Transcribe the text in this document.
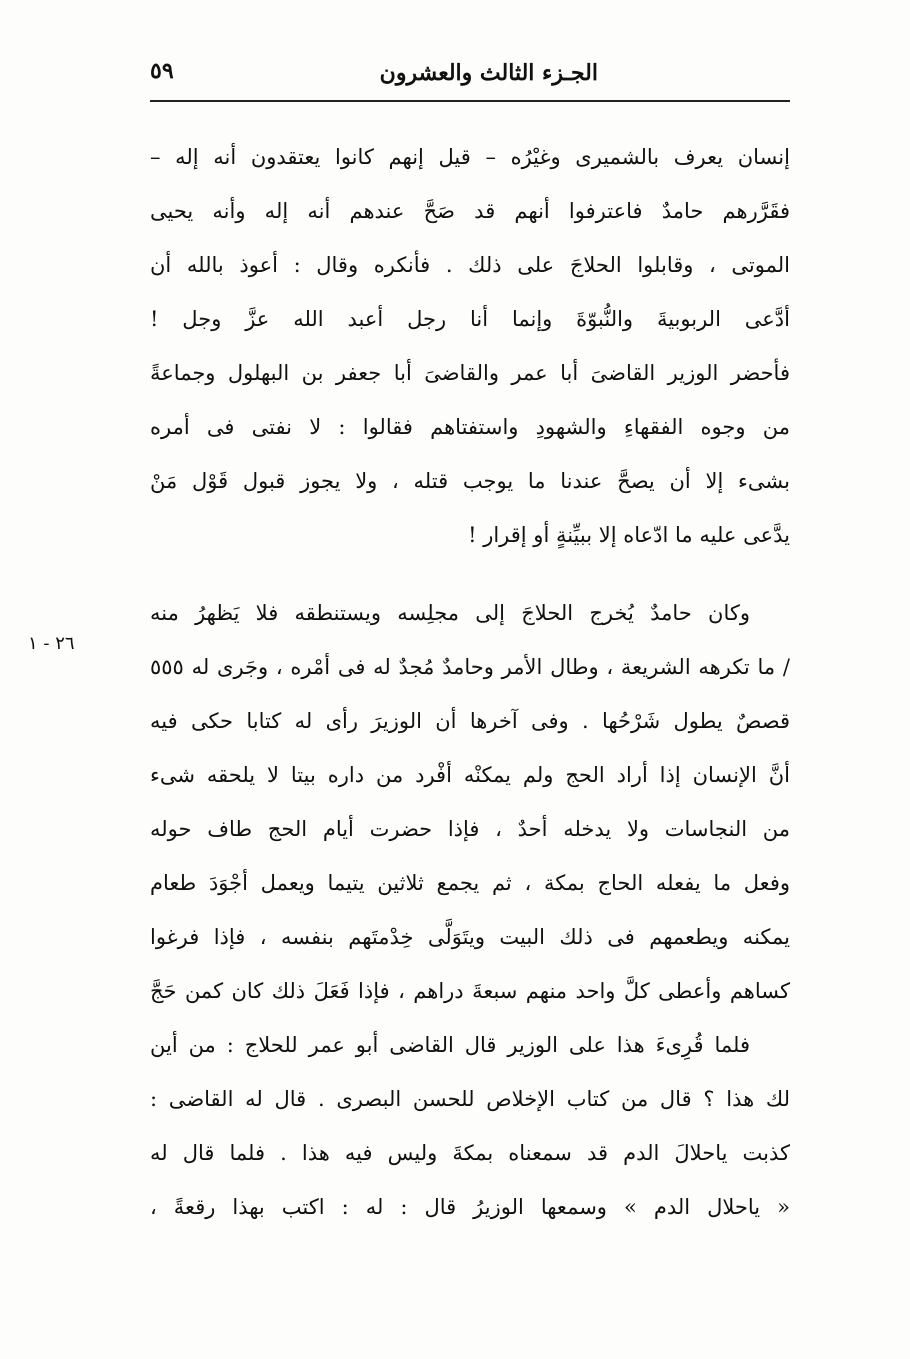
الجـزء الثالث والعشرون
٥٩
٢٦ - ١
إنسان يعرف بالشميرى وغيْرُه – قيل إنهم كانوا يعتقدون أنه إله –
فقَرَّرهم حامدٌ فاعترفوا أنهم قد صَحَّ عندهم أنه إله وأنه يحيى
الموتى ، وقابلوا الحلاجَ على ذلك . فأنكره وقال : أعوذ بالله أن
أدَّعى الربوبيةَ والنُّبوّةَ وإنما أنا رجل أعبد الله عزَّ وجل !
فأحضر الوزير القاضىَ أبا عمر والقاضىَ أبا جعفر بن البهلول وجماعةً
من وجوه الفقهاءِ والشهودِ واستفتاهم فقالوا : لا نفتى فى أمره
بشىء إلا أن يصحَّ عندنا ما يوجب قتله ، ولا يجوز قبول قَوْل مَنْ
يدَّعى عليه ما ادّعاه إلا ببيِّنةٍ أو إقرار !
وكان حامدٌ يُخرج الحلاجَ إلى مجلِسه ويستنطقه فلا يَظهرُ منه
/ ما تكرهه الشريعة ، وطال الأمر وحامدٌ مُجدٌ له فى أمْره ، وجَرى له ٥٥٥
قصصٌ يطول شَرْحُها . وفى آخرها أن الوزيرَ رأى له كتابا حكى فيه
أنَّ الإنسان إذا أراد الحج ولم يمكنْه أفْرد من داره بيتا لا يلحقه شىء
من النجاسات ولا يدخله أحدٌ ، فإذا حضرت أيام الحج طاف حوله
وفعل ما يفعله الحاج بمكة ، ثم يجمع ثلاثين يتيما ويعمل أجْوَدَ طعام
يمكنه ويطعمهم فى ذلك البيت ويتَوَلَّى خِدْمتَهم بنفسه ، فإذا فرغوا
كساهم وأعطى كلَّ واحد منهم سبعةَ دراهم ، فإذا فَعَلَ ذلك كان كمن حَجَّ
فلما قُرِىءَ هذا على الوزير قال القاضى أبو عمر للحلاج : من أين
لك هذا ؟ قال من كتاب الإخلاص للحسن البصرى . قال له القاضى :
كذبت ياحلالَ الدم قد سمعناه بمكةَ وليس فيه هذا . فلما قال له
« ياحلال الدم » وسمعها الوزيرُ قال : له : اكتب بهذا رقعةً ،
